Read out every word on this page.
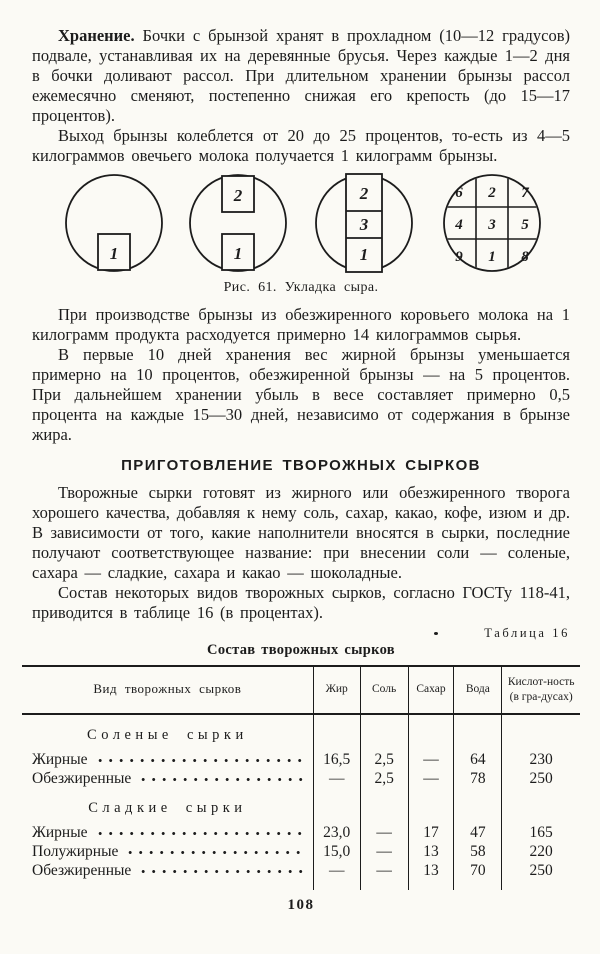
Хранение. Бочки с брынзой хранят в прохладном (10—12 градусов) подвале, устанавливая их на деревянные брусья. Через каждые 1—2 дня в бочки доливают рассол. При длительном хранении брынзы рассол ежемесячно сменяют, постепенно снижая его крепость (до 15—17 процентов).

Выход брынзы колеблется от 20 до 25 процентов, то-есть из 4—5 килограммов овечьего молока получается 1 килограмм брынзы.

1
2
1
2
3
1
6 2 7
4 3 5
9 1 8
Рис. 61. Укладка сыра.

При производстве брынзы из обезжиренного коровьего молока на 1 килограмм продукта расходуется примерно 14 килограммов сырья.

В первые 10 дней хранения вес жирной брынзы уменьшается примерно на 10 процентов, обезжиренной брынзы — на 5 процентов. При дальнейшем хранении убыль в весе составляет примерно 0,5 процента на каждые 15—30 дней, независимо от содержания в брынзе жира.

ПРИГОТОВЛЕНИЕ ТВОРОЖНЫХ СЫРКОВ

Творожные сырки готовят из жирного или обезжиренного творога хорошего качества, добавляя к нему соль, сахар, какао, кофе, изюм и др. В зависимости от того, какие наполнители вносятся в сырки, последние получают соответствующее название: при внесении соли — соленые, сахара — сладкие, сахара и какао — шоколадные.

Состав некоторых видов творожных сырков, согласно ГОСТу 118-41, приводится в таблице 16 (в процентах).

Таблица 16
Состав творожных сырков
Вид творожных сырков	Жир	Соль	Сахар	Вода	Кислот-ность (в гра-дусах)
Соленые сырки					

Жирные	16,5	2,5	—	64	230

Обезжиренные	—	2,5	—	78	250
Сладкие сырки					

Жирные	23,0	—	17	47	165

Полужирные	15,0	—	13	58	220

Обезжиренные	—	—	13	70	250
108
